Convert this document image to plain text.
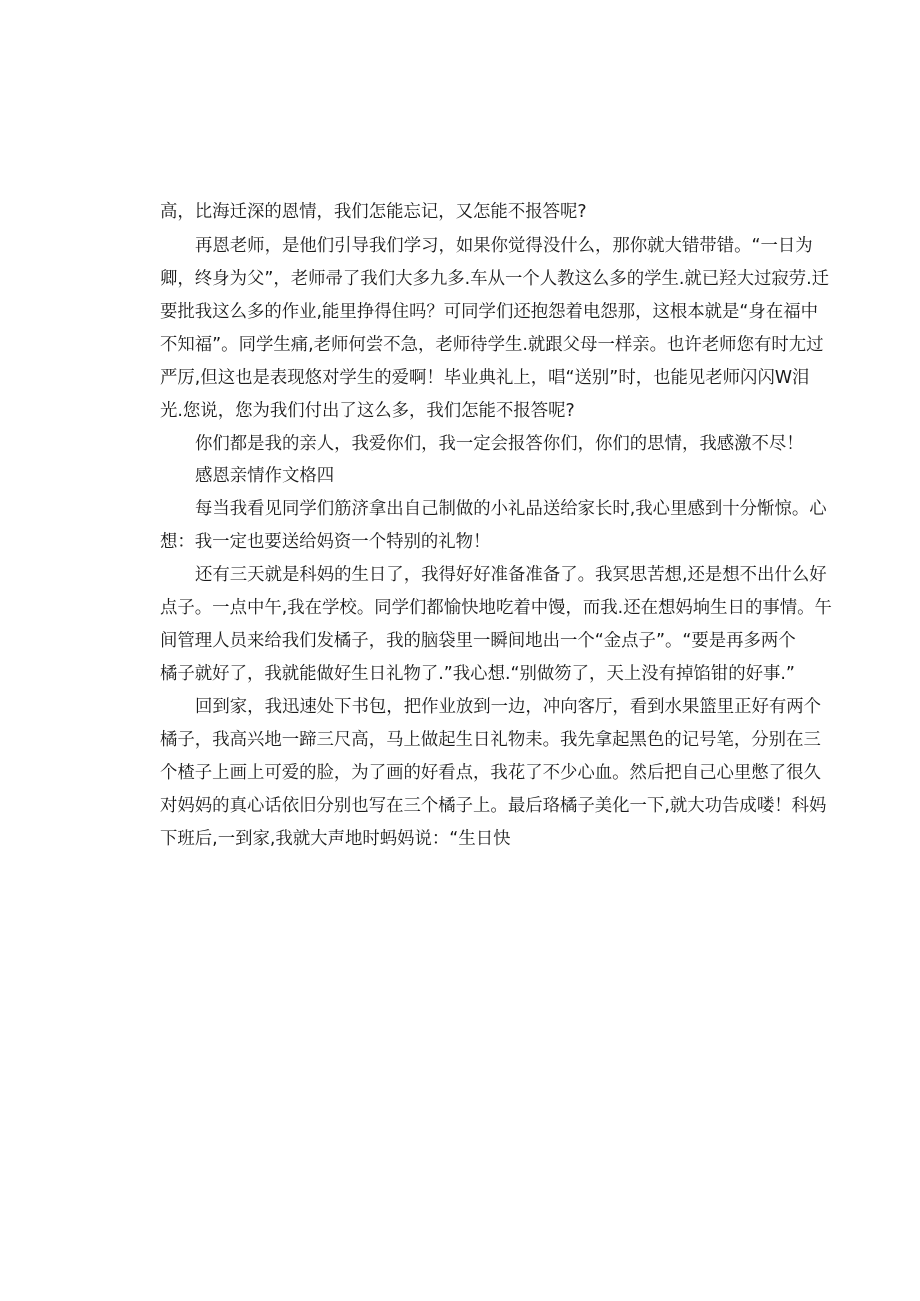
高，比海迁深的恩情，我们怎能忘记，又怎能不报答呢?
再恩老师，是他们引导我们学习，如果你觉得没什么，那你就大错带错。“一日为
卿，终身为父”，老师帚了我们大多九多.车从一个人教这么多的学生.就已羟大过寂劳.迁
要批我这么多的作业,能里挣得住吗？可同学们还抱怨着电怨那，这根本就是“身在福中
不知福”。同学生痛,老师何尝不急，老师待学生.就跟父母一样亲。也许老师您有时尢过
严厉,但这也是表现悠对学生的爱啊！毕业典礼上，唱“送别”时，也能见老师闪闪W泪
光.您说，您为我们付出了这么多，我们怎能不报答呢?
你们都是我的亲人，我爱你们，我一定会报答你们，你们的思情，我感激不尽！
感恩亲情作文格四
每当我看见同学们筋济拿出自己制做的小礼品送给家长时,我心里感到十分惭惊。心
想：我一定也要送给妈资一个特别的礼物！
还有三天就是科妈的生日了，我得好好准备准备了。我冥思苦想,还是想不出什么好
点子。一点中午,我在学校。同学们都愉快地吃着中馒，而我.还在想妈垧生日的事情。午
间管理人员来给我们发橘子，我的脑袋里一瞬间地出一个“金点子”。“要是再多两个
橘子就好了，我就能做好生日礼物了.”我心想.“别做笏了，天上没有掉馅钳的好事.”
回到家，我迅速处下书包，把作业放到一边，冲向客厅，看到水果篮里正好有两个
橘子，我高兴地一蹄三尺高，马上做起生日礼物耒。我先拿起黑色的记号笔，分别在三
个楂子上画上可爱的脸，为了画的好看点，我花了不少心血。然后把自己心里憋了很久
对妈妈的真心话依旧分别也写在三个橘子上。最后珞橘子美化一下,就大功告成喽！科妈
下班后,一到家,我就大声地时蚂妈说：“生日快
